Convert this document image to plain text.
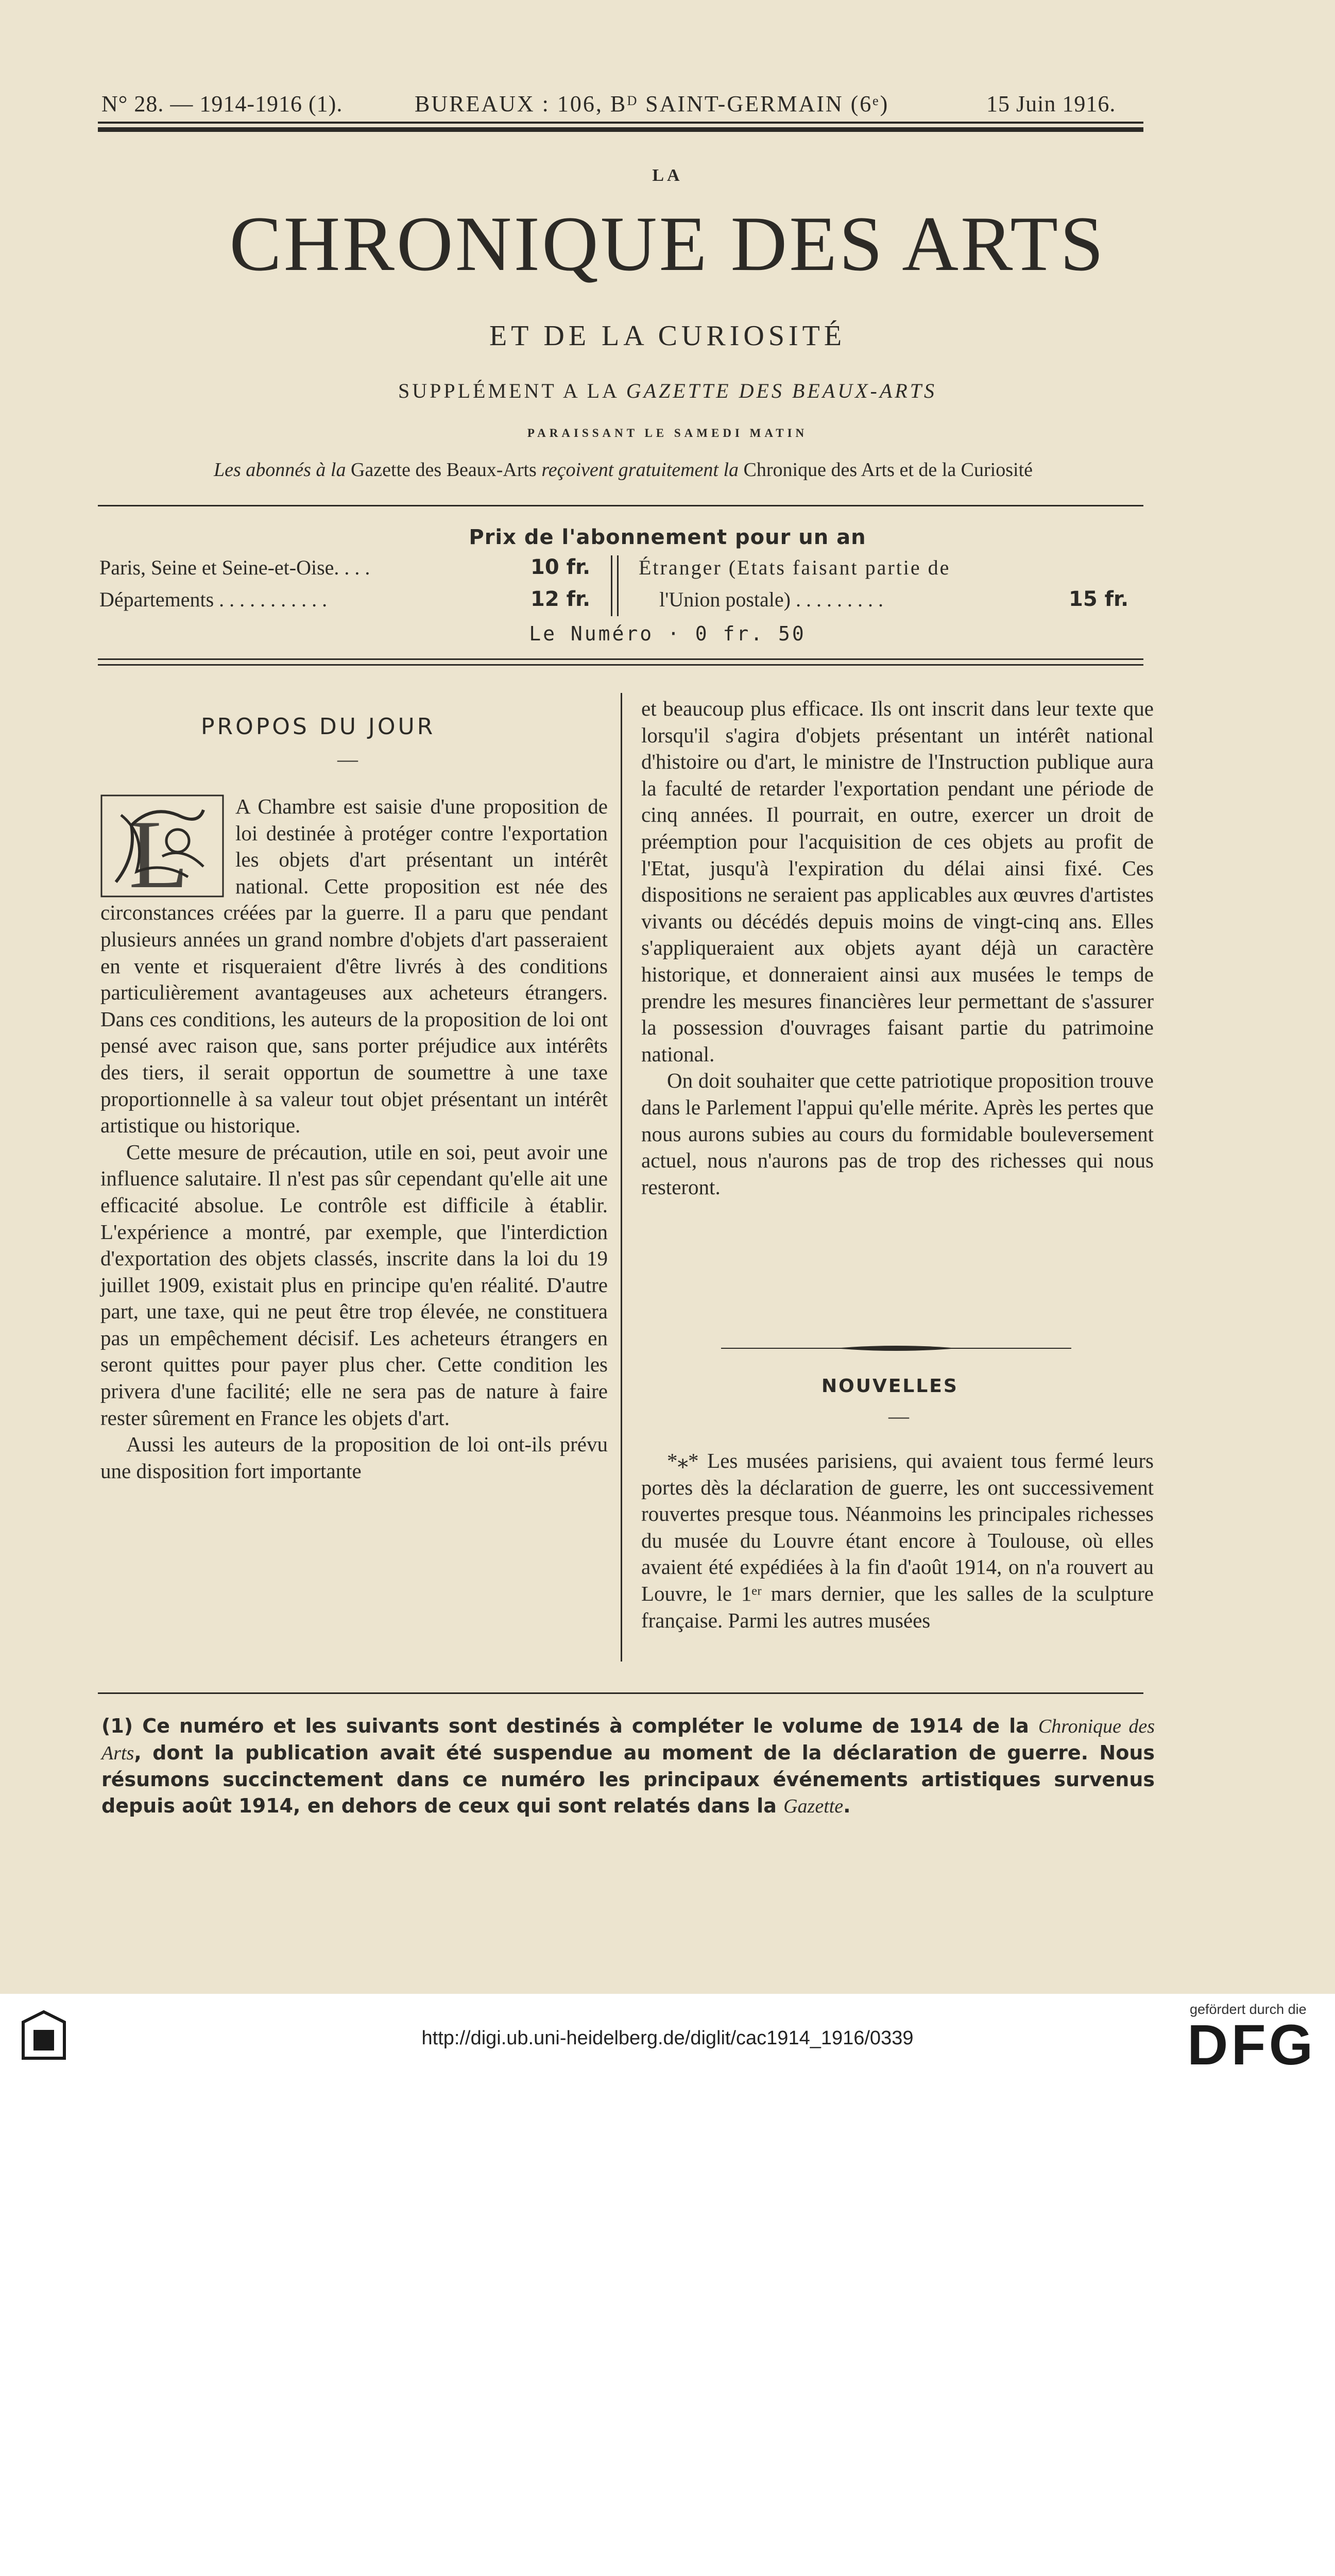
N° 28. — 1914-1916 (1).	BUREAUX : 106, Bᴰ SAINT-GERMAIN (6ᵉ)	15 Juin 1916.
LA
CHRONIQUE DES ARTS
ET DE LA CURIOSITÉ
SUPPLÉMENT A LA GAZETTE DES BEAUX-ARTS
PARAISSANT LE SAMEDI MATIN
Les abonnés à la Gazette des Beaux-Arts reçoivent gratuitement la Chronique des Arts et de la Curiosité
Prix de l'abonnement pour un an
Paris, Seine et Seine-et-Oise. . . .	10 fr.
Départements . . . . . . . . . . .	12 fr.
Étranger (Etats faisant partie de
l'Union postale) . . . . . . . . .	15 fr.
Le Numéro · 0 fr. 50
PROPOS DU JOUR
—
L	A Chambre est saisie d'une proposition de loi destinée à protéger contre l'exportation les objets d'art présentant un intérêt national. Cette proposition est née des circonstances créées par la guerre. Il a paru que pendant plusieurs années un grand nombre d'objets d'art passeraient en vente et risqueraient d'être livrés à des conditions particulièrement avantageuses aux acheteurs étrangers. Dans ces conditions, les auteurs de la proposition de loi ont pensé avec raison que, sans porter préjudice aux intérêts des tiers, il serait opportun de soumettre à une taxe proportionnelle à sa valeur tout objet présentant un intérêt artistique ou historique.

Cette mesure de précaution, utile en soi, peut avoir une influence salutaire. Il n'est pas sûr cependant qu'elle ait une efficacité absolue. Le contrôle est difficile à établir. L'expérience a montré, par exemple, que l'interdiction d'exportation des objets classés, inscrite dans la loi du 19 juillet 1909, existait plus en principe qu'en réalité. D'autre part, une taxe, qui ne peut être trop élevée, ne constituera pas un empêchement décisif. Les acheteurs étrangers en seront quittes pour payer plus cher. Cette condition les privera d'une facilité; elle ne sera pas de nature à faire rester sûrement en France les objets d'art.

Aussi les auteurs de la proposition de loi ont-ils prévu une disposition fort importante

et beaucoup plus efficace. Ils ont inscrit dans leur texte que lorsqu'il s'agira d'objets présentant un intérêt national d'histoire ou d'art, le ministre de l'Instruction publique aura la faculté de retarder l'exportation pendant une période de cinq années. Il pourrait, en outre, exercer un droit de préemption pour l'acquisition de ces objets au profit de l'Etat, jusqu'à l'expiration du délai ainsi fixé. Ces dispositions ne seraient pas applicables aux œuvres d'artistes vivants ou décédés depuis moins de vingt-cinq ans. Elles s'appliqueraient aux objets ayant déjà un caractère historique, et donneraient ainsi aux musées le temps de prendre les mesures financières leur permettant de s'assurer la possession d'ouvrages faisant partie du patrimoine national.

On doit souhaiter que cette patriotique proposition trouve dans le Parlement l'appui qu'elle mérite. Après les pertes que nous aurons subies au cours du formidable bouleversement actuel, nous n'aurons pas de trop des richesses qui nous resteront.

NOUVELLES
—

*⁎* Les musées parisiens, qui avaient tous fermé leurs portes dès la déclaration de guerre, les ont successivement rouvertes presque tous. Néanmoins les principales richesses du musée du Louvre étant encore à Toulouse, où elles avaient été expédiées à la fin d'août 1914, on n'a rouvert au Louvre, le 1ᵉʳ mars dernier, que les salles de la sculpture française. Parmi les autres musées

(1) Ce numéro et les suivants sont destinés à compléter le volume de 1914 de la Chronique des Arts, dont la publication avait été suspendue au moment de la déclaration de guerre. Nous résumons succinctement dans ce numéro les principaux événements artistiques survenus depuis août 1914, en dehors de ceux qui sont relatés dans la Gazette.
http://digi.ub.uni-heidelberg.de/diglit/cac1914_1916/0339
gefördert durch die
DFG
